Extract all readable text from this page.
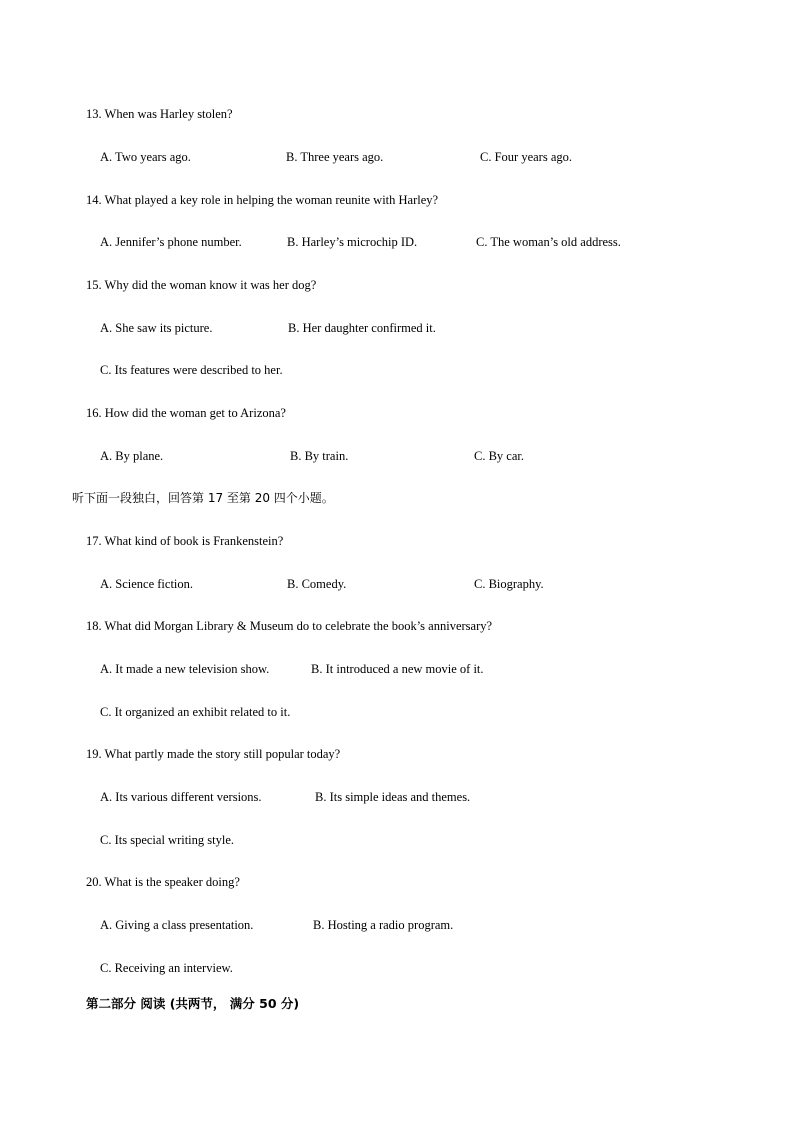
13. When was Harley stolen?
A. Two years ago.	B. Three years ago.	C. Four years ago.
14. What played a key role in helping the woman reunite with Harley?
A. Jennifer’s phone number.	B. Harley’s microchip ID.	C. The woman’s old address.
15. Why did the woman know it was her dog?
A. She saw its picture.	B. Her daughter confirmed it.
C. Its features were described to her.
16. How did the woman get to Arizona?
A. By plane.	B. By train.	C. By car.
听下面一段独白，回答第 17 至第 20 四个小题。
17. What kind of book is Frankenstein?
A. Science fiction.	B. Comedy.	C. Biography.
18. What did Morgan Library & Museum do to celebrate the book’s anniversary?
A. It made a new television show.	B. It introduced a new movie of it.
C. It organized an exhibit related to it.
19. What partly made the story still popular today?
A. Its various different versions.	B. Its simple ideas and themes.
C. Its special writing style.
20. What is the speaker doing?
A. Giving a class presentation.	B. Hosting a radio program.
C. Receiving an interview.
第二部分 阅读 (共两节， 满分 50 分)
